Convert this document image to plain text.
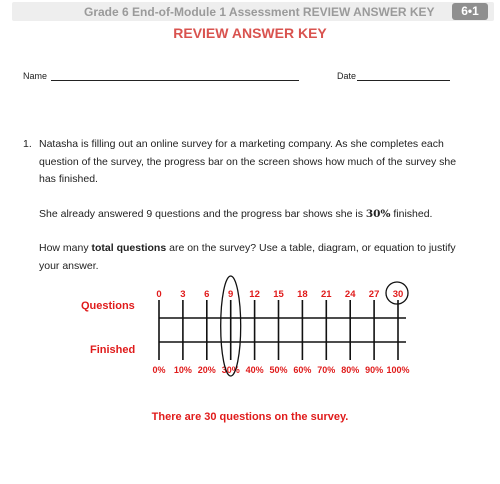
Grade 6 End-of-Module 1 Assessment REVIEW ANSWER KEY	6•1
REVIEW ANSWER KEY
Name	Date
1. Natasha is filling out an online survey for a marketing company. As she completes each question of the survey, the progress bar on the screen shows how much of the survey she has finished.
She already answered 9 questions and the progress bar shows she is 30% finished.
How many total questions are on the survey? Use a table, diagram, or equation to justify your answer.
Questions
Finished
0
0%
3
10%
6
20%
9
30%
12
40%
15
50%
18
60%
21
70%
24
80%
27
90%
30
100%
There are 30 questions on the survey.
